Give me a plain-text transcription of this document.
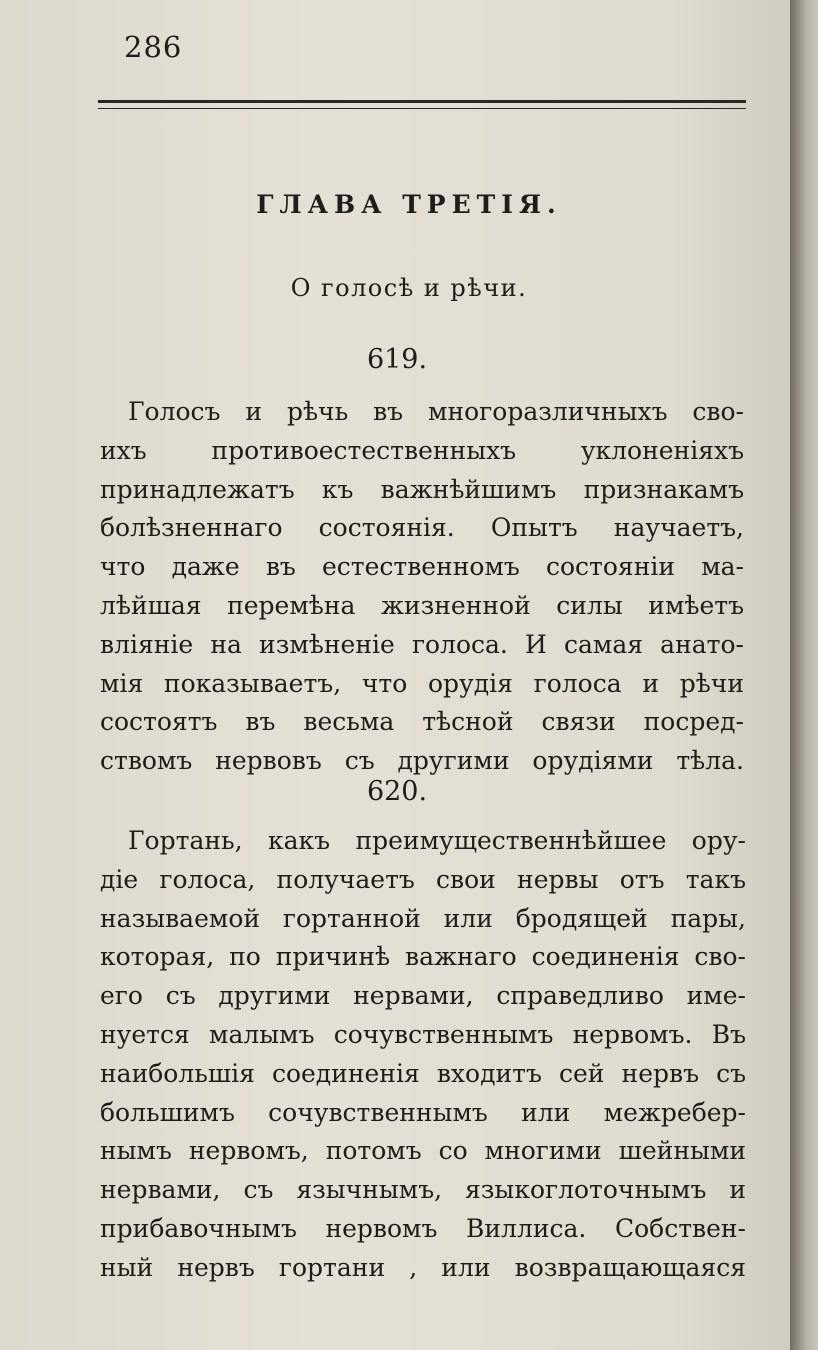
286
ГЛАВА ТРЕТІЯ.
О голосѣ и рѣчи.
619.
Голосъ и рѣчь въ многоразличныхъ сво-
ихъ противоестественныхъ уклоненіяхъ
принадлежатъ къ важнѣйшимъ признакамъ
болѣзненнаго состоянія. Опытъ научаетъ,
что даже въ естественномъ состояніи ма-
лѣйшая перемѣна жизненной силы имѣетъ
вліяніе на измѣненіе голоса. И самая анато-
мія показываетъ, что орудія голоса и рѣчи
состоятъ въ весьма тѣсной связи посред-
ствомъ нервовъ съ другими орудіями тѣла.
620.
Гортань, какъ преимущественнѣйшее ору-
діе голоса, получаетъ свои нервы отъ такъ
называемой гортанной или бродящей пары,
которая, по причинѣ важнаго соединенія сво-
его съ другими нервами, справедливо име-
нуется малымъ сочувственнымъ нервомъ. Въ
наибольшія соединенія входитъ сей нервъ съ
большимъ сочувственнымъ или межребер-
нымъ нервомъ, потомъ со многими шейными
нервами, съ язычнымъ, языкоглоточнымъ и
прибавочнымъ нервомъ Виллиса. Собствен-
ный нервъ гортани , или возвращающаяся
